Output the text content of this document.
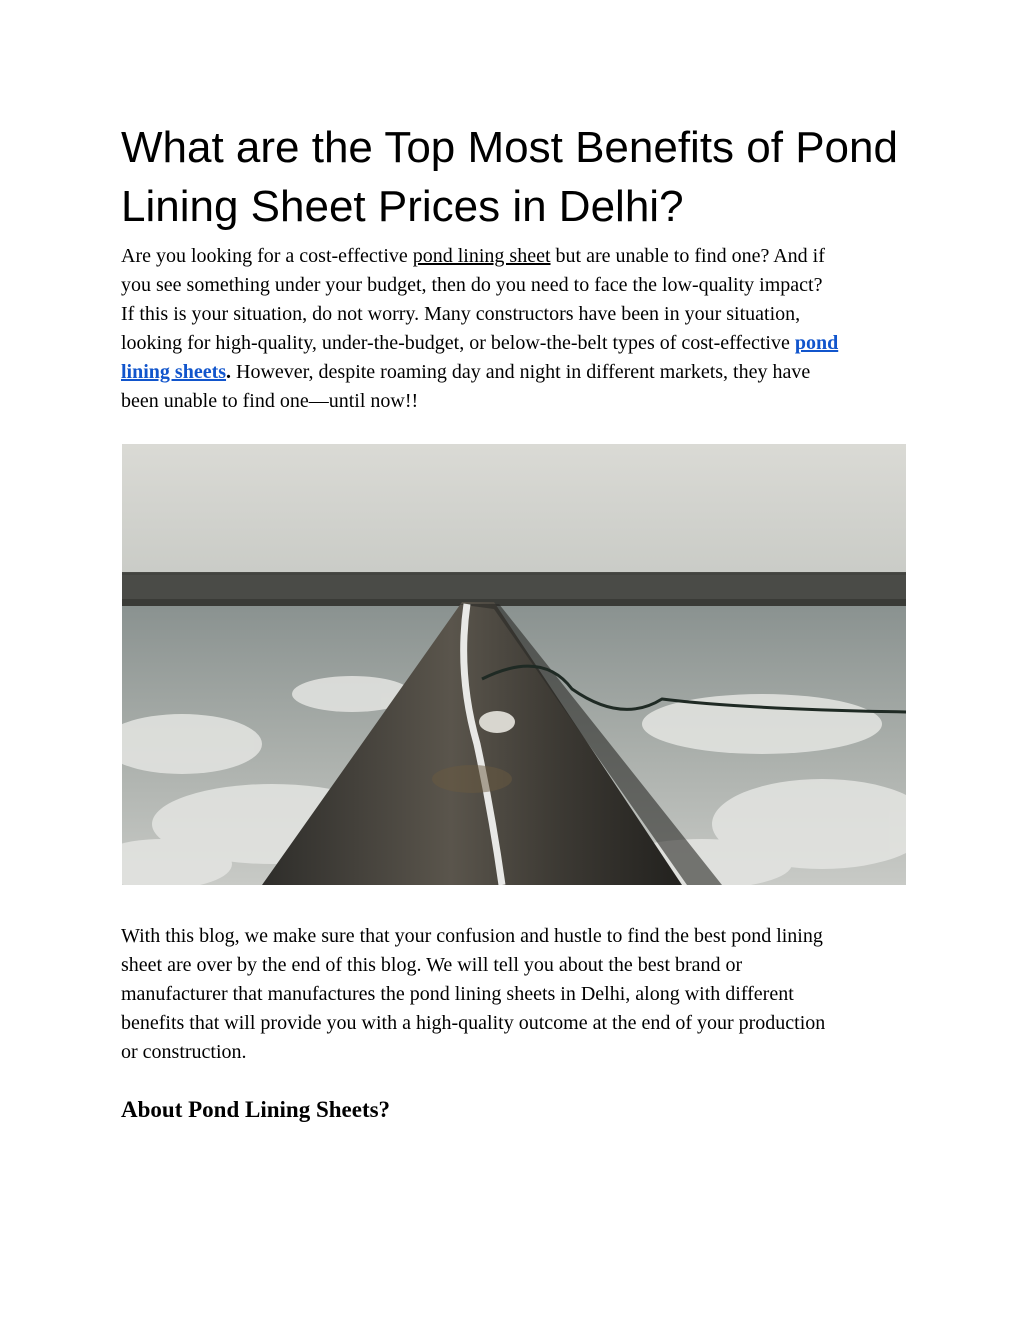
What are the Top Most Benefits of Pond Lining Sheet Prices in Delhi?

Are you looking for a cost-effective pond lining sheet but are unable to find one? And if
you see something under your budget, then do you need to face the low-quality impact?
If this is your situation, do not worry. Many constructors have been in your situation,
looking for high-quality, under-the-budget, or below-the-belt types of cost-effective pond
lining sheets. However, despite roaming day and night in different markets, they have
been unable to find one—until now!!

With this blog, we make sure that your confusion and hustle to find the best pond lining
sheet are over by the end of this blog. We will tell you about the best brand or
manufacturer that manufactures the pond lining sheets in Delhi, along with different
benefits that will provide you with a high-quality outcome at the end of your production
or construction.

About Pond Lining Sheets?
